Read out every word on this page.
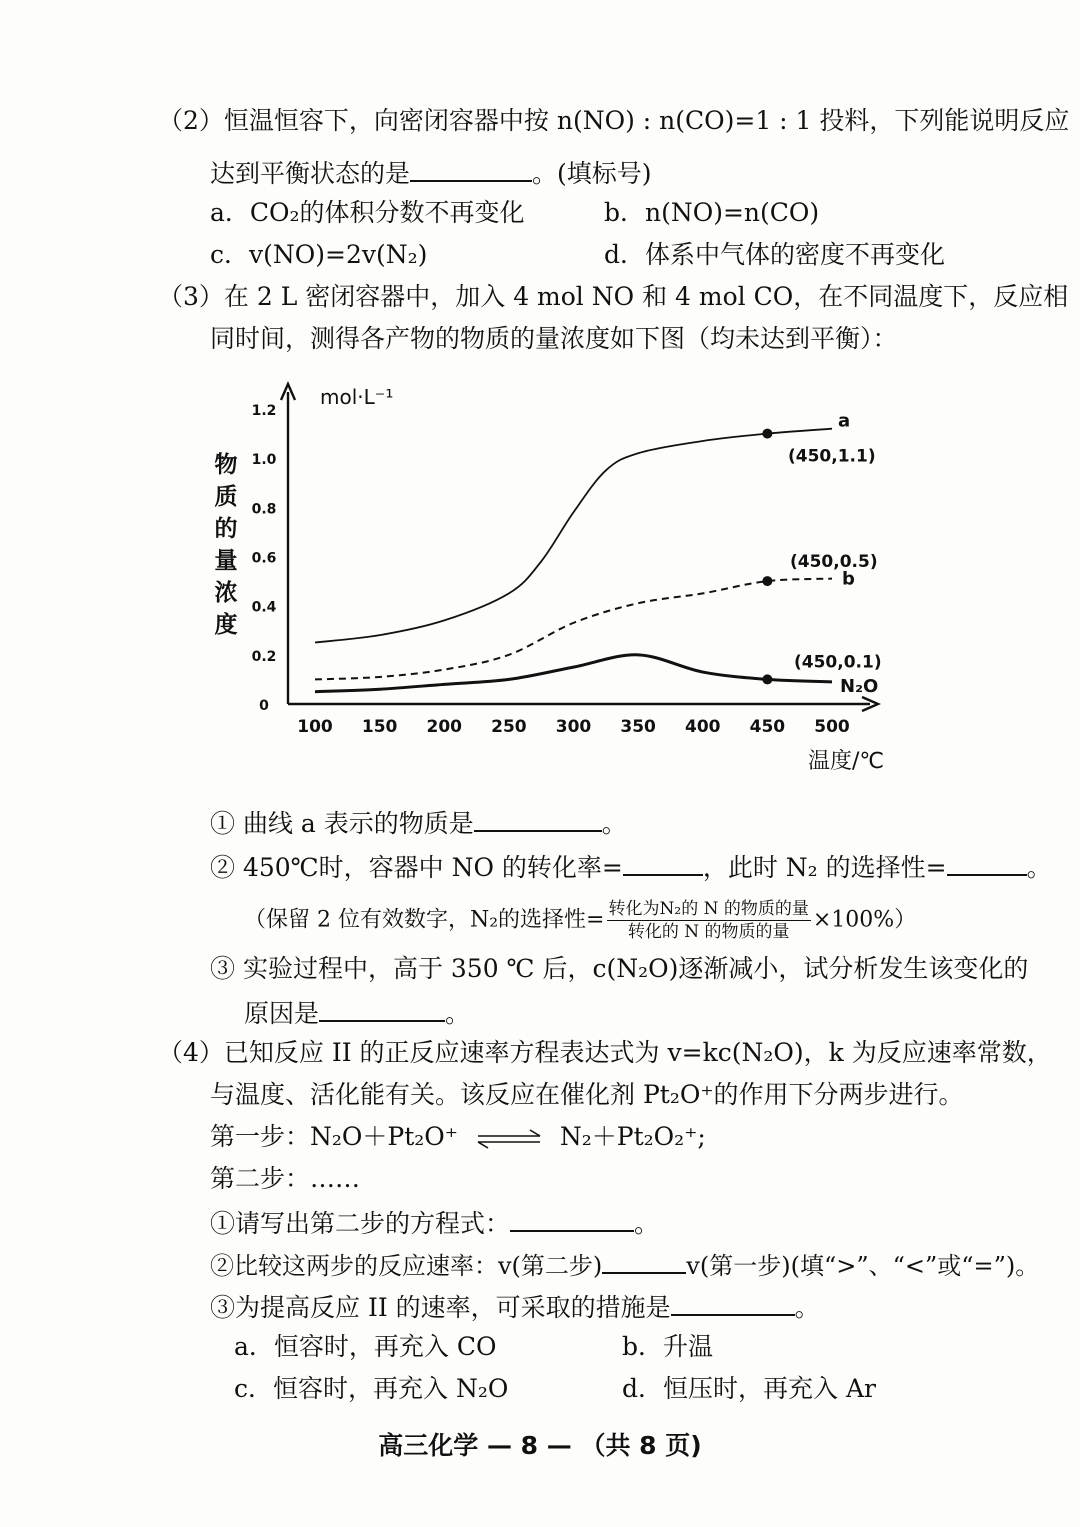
（2）恒温恒容下，向密闭容器中按 n(NO) : n(CO)=1 : 1 投料，下列能说明反应
达到平衡状态的是	。(填标号)
a．CO₂的体积分数不再变化	b．n(NO)=n(CO)
c．v(NO)=2v(N₂)	d．体系中气体的密度不再变化
（3）在 2 L 密闭容器中，加入 4 mol NO 和 4 mol CO，在不同温度下，反应相
同时间，测得各产物的物质的量浓度如下图（均未达到平衡）：
100 150 200 250 300 350 400 450 500
0
0.2
0.4
0.6
0.8
1.0
1.2	a
(450,1.1)
b
(450,0.5)
N₂O
(450,0.1)
mol·L⁻¹
物
质
的
量
浓
度
温度/℃
① 曲线 a 表示的物质是	。
② 450℃时，容器中 NO 的转化率=	，此时 N₂ 的选择性=	。
（保留 2 位有效数字，N₂的选择性= $\frac{\text{转化为N₂的 N 的物质的量}}{\text{转化的 N 的物质的量}} \times 100\%$）
③ 实验过程中，高于 350 ℃ 后，c(N₂O)逐渐减小，试分析发生该变化的
原因是	。
（4）已知反应 II 的正反应速率方程表达式为 v=kc(N₂O)，k 为反应速率常数，
与温度、活化能有关。该反应在催化剂 Pt₂O⁺的作用下分两步进行。
第一步：N₂O＋Pt₂O⁺ ⇌ N₂＋Pt₂O₂⁺;
第二步：……
①请写出第二步的方程式：	。
②比较这两步的反应速率：v(第二步)	v(第一步)(填“>”、“<”或“=”)。
③为提高反应 II 的速率，可采取的措施是	。
a．恒容时，再充入 CO	b．升温
c．恒容时，再充入 N₂O	d．恒压时，再充入 Ar
高三化学 — 8 — （共 8 页)
